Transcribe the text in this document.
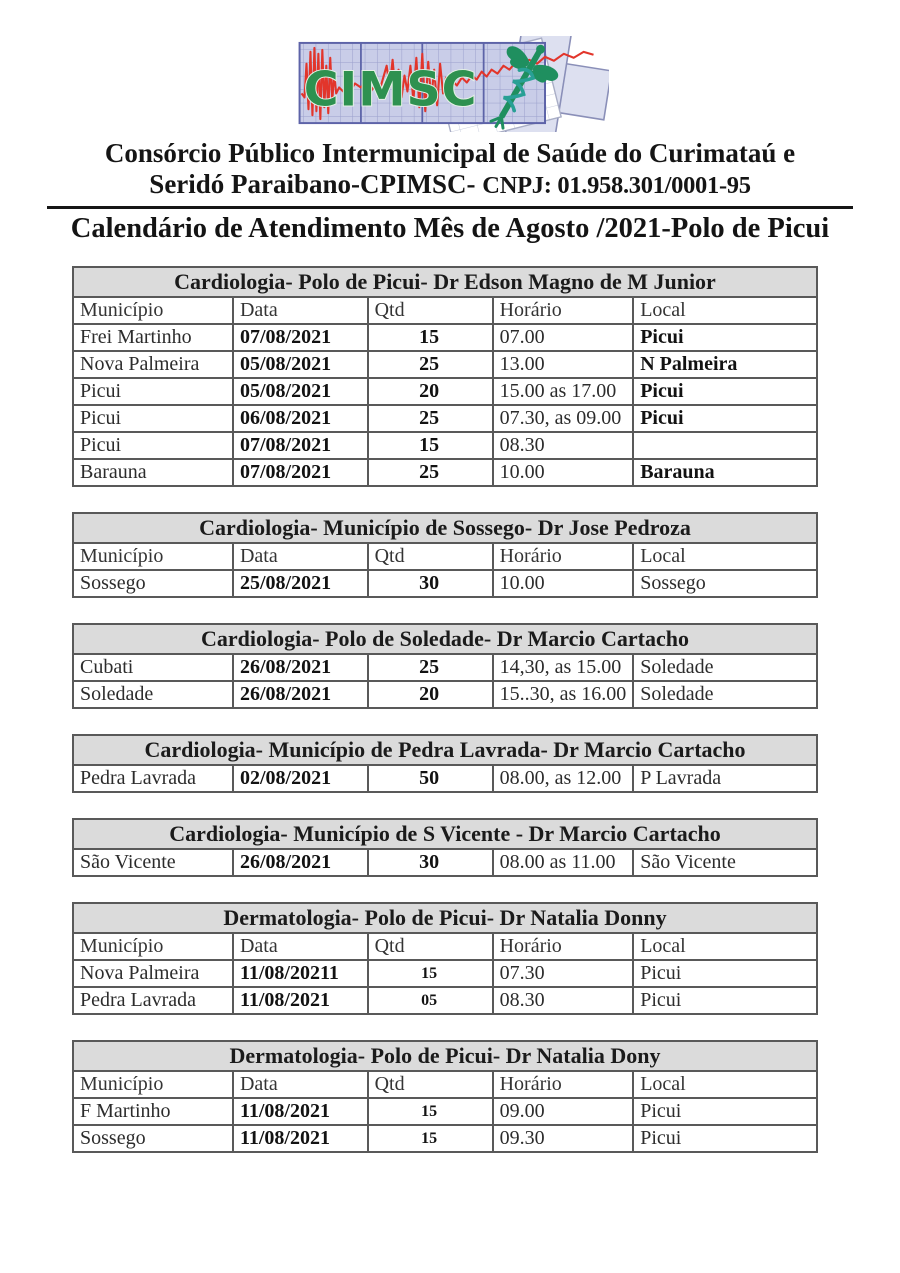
CIMSC
Consórcio Público Intermunicipal de Saúde do Curimataú e
Seridó Paraibano-CPIMSC- CNPJ: 01.958.301/0001-95
Calendário de Atendimento Mês de Agosto /2021-Polo de Picui
Cardiologia- Polo de Picui- Dr Edson Magno de M Junior				
Município	Data	Qtd	Horário	Local
Frei Martinho	07/08/2021	15	07.00	Picui
Nova Palmeira	05/08/2021	25	13.00	N Palmeira
Picui	05/08/2021	20	15.00 as 17.00	Picui
Picui	06/08/2021	25	07.30, as 09.00	Picui
Picui	07/08/2021	15	08.30	
Barauna	07/08/2021	25	10.00	Barauna
Cardiologia- Município de Sossego- Dr Jose Pedroza				
Município	Data	Qtd	Horário	Local
Sossego	25/08/2021	30	10.00	Sossego
Cardiologia- Polo de Soledade- Dr Marcio Cartacho				
Cubati	26/08/2021	25	14,30, as 15.00	Soledade
Soledade	26/08/2021	20	15..30, as 16.00	Soledade
Cardiologia- Município de Pedra Lavrada- Dr Marcio Cartacho
Pedra Lavrada	02/08/2021	50	08.00, as 12.00	P Lavrada
Cardiologia- Município de S Vicente - Dr Marcio Cartacho
São Vicente	26/08/2021	30	08.00 as 11.00	São Vicente
Dermatologia- Polo de Picui- Dr Natalia Donny				
Município	Data	Qtd	Horário	Local
Nova Palmeira	11/08/20211	15	07.30	Picui
Pedra Lavrada	11/08/2021	05	08.30	Picui
Dermatologia- Polo de Picui- Dr Natalia Dony				
Município	Data	Qtd	Horário	Local
F Martinho	11/08/2021	15	09.00	Picui
Sossego	11/08/2021	15	09.30	Picui
